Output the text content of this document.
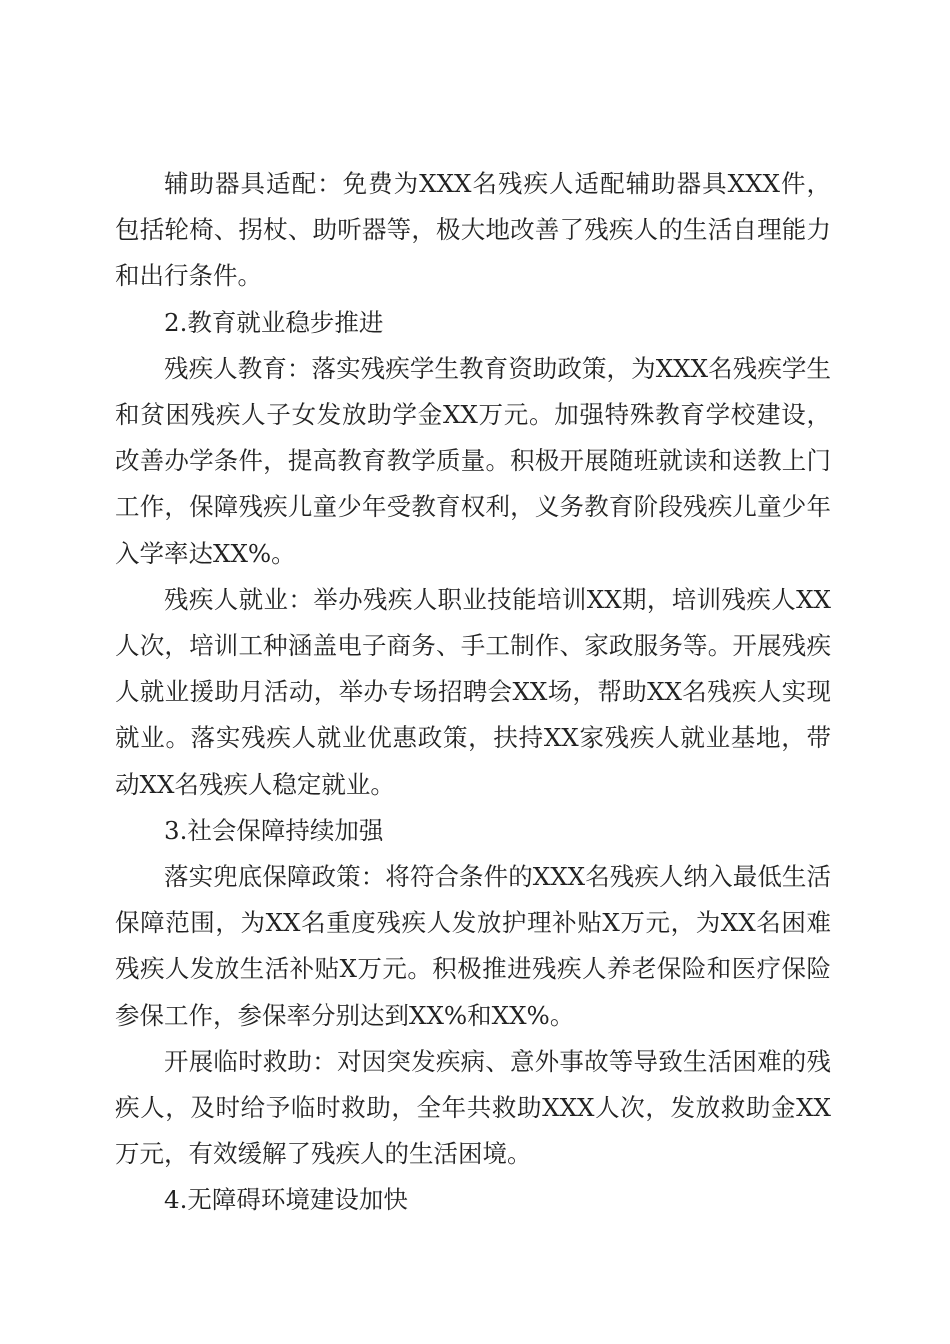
辅助器具适配：免费为XXX名残疾人适配辅助器具XXX件，包括轮椅、拐杖、助听器等，极大地改善了残疾人的生活自理能力和出行条件。

2.教育就业稳步推进

残疾人教育：落实残疾学生教育资助政策，为XXX名残疾学生和贫困残疾人子女发放助学金XX万元。加强特殊教育学校建设，改善办学条件，提高教育教学质量。积极开展随班就读和送教上门工作，保障残疾儿童少年受教育权利，义务教育阶段残疾儿童少年入学率达XX%。

残疾人就业：举办残疾人职业技能培训XX期，培训残疾人XX人次，培训工种涵盖电子商务、手工制作、家政服务等。开展残疾人就业援助月活动，举办专场招聘会XX场，帮助XX名残疾人实现就业。落实残疾人就业优惠政策，扶持XX家残疾人就业基地，带动XX名残疾人稳定就业。

3.社会保障持续加强

落实兜底保障政策：将符合条件的XXX名残疾人纳入最低生活保障范围，为XX名重度残疾人发放护理补贴X万元，为XX名困难残疾人发放生活补贴X万元。积极推进残疾人养老保险和医疗保险参保工作，参保率分别达到XX%和XX%。

开展临时救助：对因突发疾病、意外事故等导致生活困难的残疾人，及时给予临时救助，全年共救助XXX人次，发放救助金XX万元，有效缓解了残疾人的生活困境。

4.无障碍环境建设加快
